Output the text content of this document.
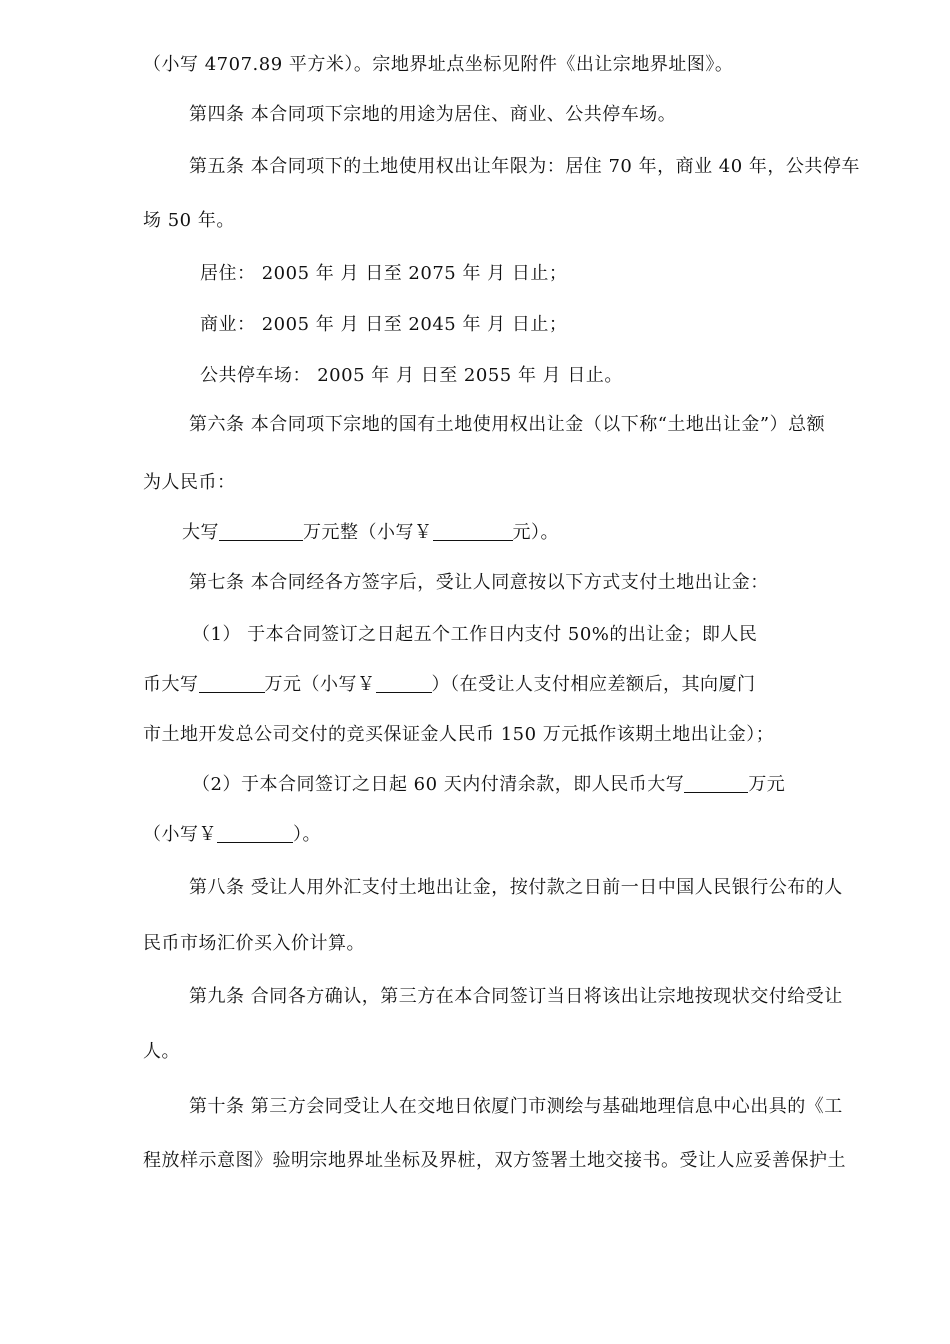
（小写 4707.89 平方米）。宗地界址点坐标见附件《出让宗地界址图》。
第四条 本合同项下宗地的用途为居住、商业、公共停车场。
第五条 本合同项下的土地使用权出让年限为：居住 70 年，商业 40 年，公共停车
场 50 年。
居住： 2005 年 月 日至 2075 年 月 日止；
商业： 2005 年 月 日至 2045 年 月 日止；
公共停车场： 2005 年 月 日至 2055 年 月 日止。
第六条 本合同项下宗地的国有土地使用权出让金（以下称“土地出让金”）总额
为人民币：
大写	万元整（小写￥	元）。
第七条 本合同经各方签字后，受让人同意按以下方式支付土地出让金：
（1） 于本合同签订之日起五个工作日内支付 50%的出让金；即人民
币大写	万元（小写￥	）（在受让人支付相应差额后，其向厦门
市土地开发总公司交付的竞买保证金人民币 150 万元抵作该期土地出让金）；
（2）于本合同签订之日起 60 天内付清余款，即人民币大写	万元
（小写￥	）。
第八条 受让人用外汇支付土地出让金，按付款之日前一日中国人民银行公布的人
民币市场汇价买入价计算。
第九条 合同各方确认，第三方在本合同签订当日将该出让宗地按现状交付给受让
人。
第十条 第三方会同受让人在交地日依厦门市测绘与基础地理信息中心出具的《工
程放样示意图》验明宗地界址坐标及界桩，双方签署土地交接书。受让人应妥善保护土
